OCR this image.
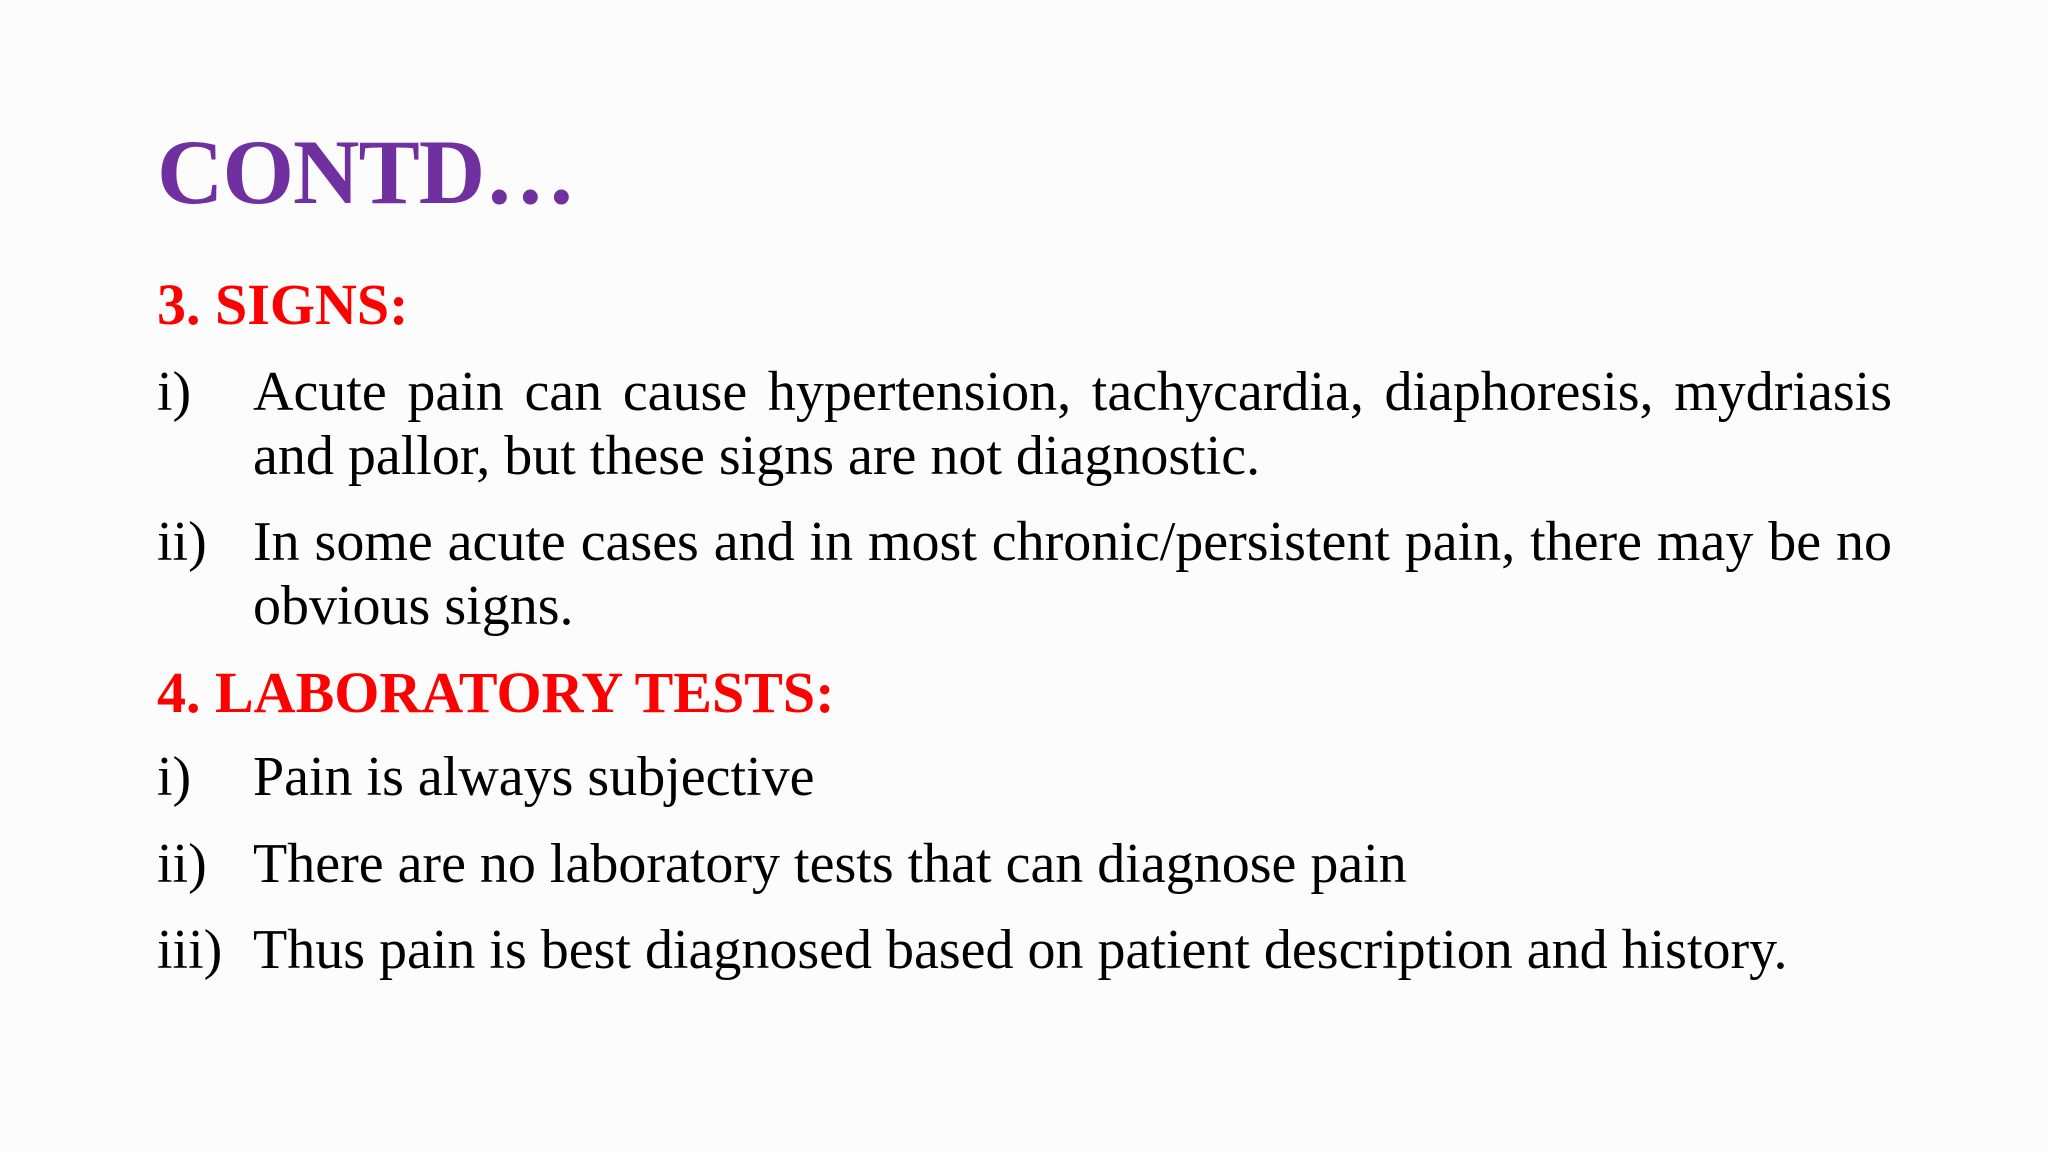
CONTD…
3. SIGNS:
i) Acute pain can cause hypertension, tachycardia, diaphoresis, mydriasis and pallor, but these signs are not diagnostic.
ii) In some acute cases and in most chronic/persistent pain, there may be no obvious signs.
4. LABORATORY TESTS:
i) Pain is always subjective
ii) There are no laboratory tests that can diagnose pain
iii) Thus pain is best diagnosed based on patient description and history.
